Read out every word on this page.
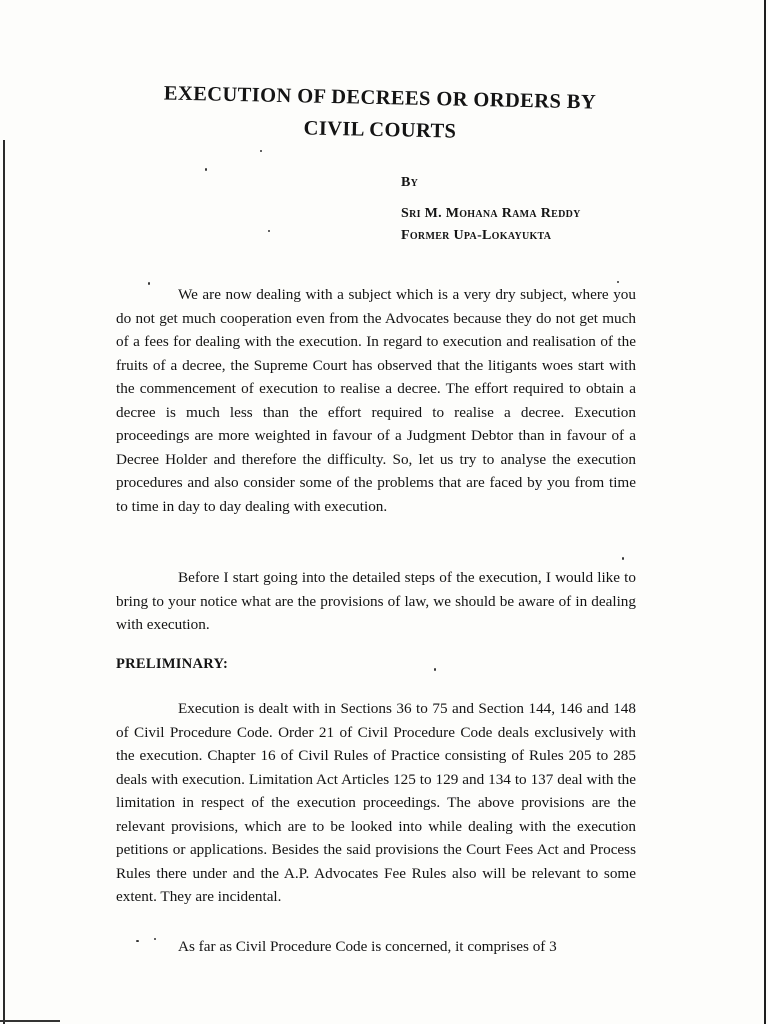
EXECUTION OF DECREES OR ORDERS BY
CIVIL COURTS
By
Sri M. Mohana Rama Reddy
Former Upa-Lokayukta

We are now dealing with a subject which is a very dry subject, where you do not get much cooperation even from the Advocates because they do not get much of a fees for dealing with the execution. In regard to execution and realisation of the fruits of a decree, the Supreme Court has observed that the litigants woes start with the commencement of execution to realise a decree. The effort required to obtain a decree is much less than the effort required to realise a decree. Execution proceedings are more weighted in favour of a Judgment Debtor than in favour of a Decree Holder and therefore the difficulty. So, let us try to analyse the execution procedures and also consider some of the problems that are faced by you from time to time in day to day dealing with execution.

Before I start going into the detailed steps of the execution, I would like to bring to your notice what are the provisions of law, we should be aware of in dealing with execution.

PRELIMINARY:

Execution is dealt with in Sections 36 to 75 and Section 144, 146 and 148 of Civil Procedure Code. Order 21 of Civil Procedure Code deals exclusively with the execution. Chapter 16 of Civil Rules of Practice consisting of Rules 205 to 285 deals with execution. Limitation Act Articles 125 to 129 and 134 to 137 deal with the limitation in respect of the execution proceedings. The above provisions are the relevant provisions, which are to be looked into while dealing with the execution petitions or applications. Besides the said provisions the Court Fees Act and Process Rules there under and the A.P. Advocates Fee Rules also will be relevant to some extent. They are incidental.

As far as Civil Procedure Code is concerned, it comprises of 3
